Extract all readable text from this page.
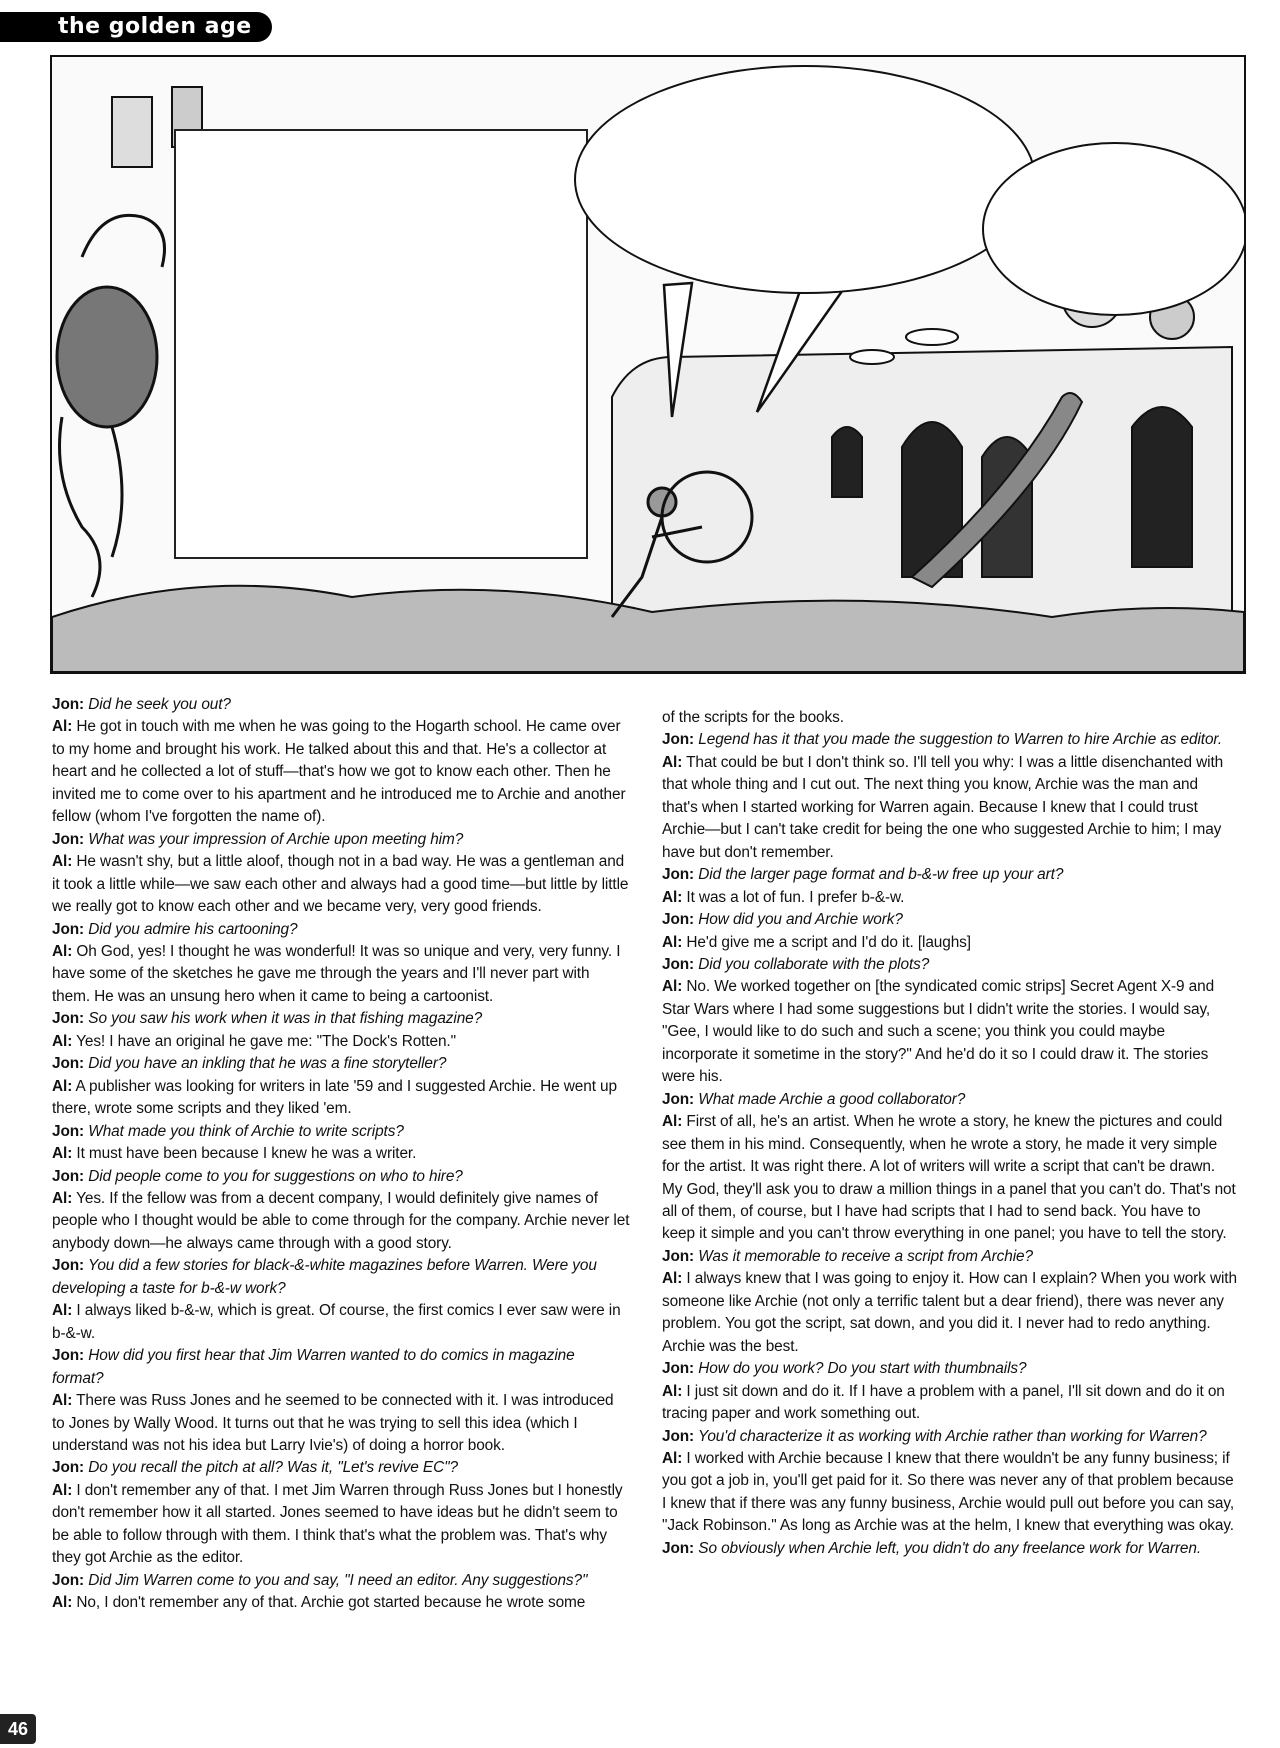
the golden age

Jon: Did he seek you out?

Al: He got in touch with me when he was going to the Hogarth school. He came over to my home and brought his work. He talked about this and that. He's a collector at heart and he collected a lot of stuff—that's how we got to know each other. Then he invited me to come over to his apartment and he introduced me to Archie and another fellow (whom I've forgotten the name of).

Jon: What was your impression of Archie upon meeting him?

Al: He wasn't shy, but a little aloof, though not in a bad way. He was a gentleman and it took a little while—we saw each other and always had a good time—but little by little we really got to know each other and we became very, very good friends.

Jon: Did you admire his cartooning?

Al: Oh God, yes! I thought he was wonderful! It was so unique and very, very funny. I have some of the sketches he gave me through the years and I'll never part with them. He was an unsung hero when it came to being a cartoonist.

Jon: So you saw his work when it was in that fishing magazine?

Al: Yes! I have an original he gave me: "The Dock's Rotten."

Jon: Did you have an inkling that he was a fine storyteller?

Al: A publisher was looking for writers in late '59 and I suggested Archie. He went up there, wrote some scripts and they liked 'em.

Jon: What made you think of Archie to write scripts?

Al: It must have been because I knew he was a writer.

Jon: Did people come to you for suggestions on who to hire?

Al: Yes. If the fellow was from a decent company, I would definitely give names of people who I thought would be able to come through for the company. Archie never let anybody down—he always came through with a good story.

Jon: You did a few stories for black-&-white magazines before Warren. Were you developing a taste for b-&-w work?

Al: I always liked b-&-w, which is great. Of course, the first comics I ever saw were in b-&-w.

Jon: How did you first hear that Jim Warren wanted to do comics in magazine format?

Al: There was Russ Jones and he seemed to be connected with it. I was introduced to Jones by Wally Wood. It turns out that he was trying to sell this idea (which I understand was not his idea but Larry Ivie's) of doing a horror book.

Jon: Do you recall the pitch at all? Was it, "Let's revive EC"?

Al: I don't remember any of that. I met Jim Warren through Russ Jones but I honestly don't remember how it all started. Jones seemed to have ideas but he didn't seem to be able to follow through with them. I think that's what the problem was. That's why they got Archie as the editor.

Jon: Did Jim Warren come to you and say, "I need an editor. Any suggestions?"

Al: No, I don't remember any of that. Archie got started because he wrote some

of the scripts for the books.

Jon: Legend has it that you made the suggestion to Warren to hire Archie as editor.

Al: That could be but I don't think so. I'll tell you why: I was a little disenchanted with that whole thing and I cut out. The next thing you know, Archie was the man and that's when I started working for Warren again. Because I knew that I could trust Archie—but I can't take credit for being the one who suggested Archie to him; I may have but don't remember.

Jon: Did the larger page format and b-&-w free up your art?

Al: It was a lot of fun. I prefer b-&-w.

Jon: How did you and Archie work?

Al: He'd give me a script and I'd do it. [laughs]

Jon: Did you collaborate with the plots?

Al: No. We worked together on [the syndicated comic strips] Secret Agent X-9 and Star Wars where I had some suggestions but I didn't write the stories. I would say, "Gee, I would like to do such and such a scene; you think you could maybe incorporate it sometime in the story?" And he'd do it so I could draw it. The stories were his.

Jon: What made Archie a good collaborator?

Al: First of all, he's an artist. When he wrote a story, he knew the pictures and could see them in his mind. Consequently, when he wrote a story, he made it very simple for the artist. It was right there. A lot of writers will write a script that can't be drawn. My God, they'll ask you to draw a million things in a panel that you can't do. That's not all of them, of course, but I have had scripts that I had to send back. You have to keep it simple and you can't throw everything in one panel; you have to tell the story.

Jon: Was it memorable to receive a script from Archie?

Al: I always knew that I was going to enjoy it. How can I explain? When you work with someone like Archie (not only a terrific talent but a dear friend), there was never any problem. You got the script, sat down, and you did it. I never had to redo anything. Archie was the best.

Jon: How do you work? Do you start with thumbnails?

Al: I just sit down and do it. If I have a problem with a panel, I'll sit down and do it on tracing paper and work something out.

Jon: You'd characterize it as working with Archie rather than working for Warren?

Al: I worked with Archie because I knew that there wouldn't be any funny business; if you got a job in, you'll get paid for it. So there was never any of that problem because I knew that if there was any funny business, Archie would pull out before you can say, "Jack Robinson." As long as Archie was at the helm, I knew that everything was okay.

Jon: So obviously when Archie left, you didn't do any freelance work for Warren.

46
